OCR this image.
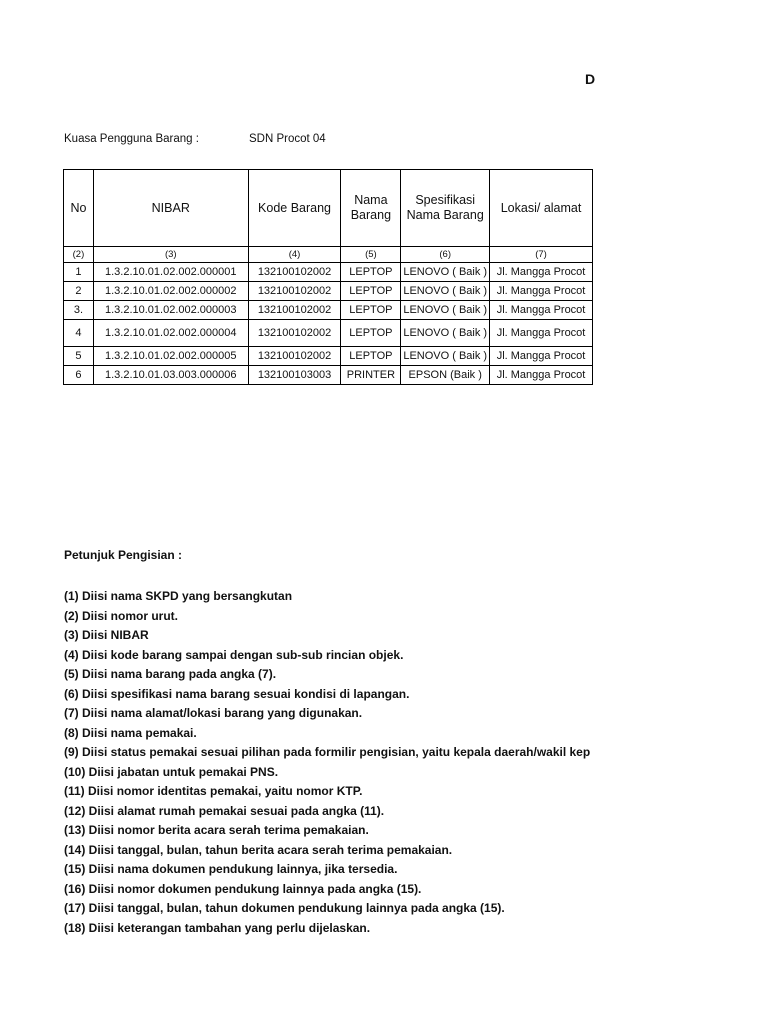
D
Kuasa Pengguna Barang :	SDN Procot 04
No	NIBAR	Kode Barang	Nama Barang	Spesifikasi Nama Barang	Lokasi/ alamat
(2)	(3)	(4)	(5)	(6)	(7)
1	1.3.2.10.01.02.002.000001	132100102002	LEPTOP	LENOVO ( Baik )	Jl. Mangga Procot
2	1.3.2.10.01.02.002.000002	132100102002	LEPTOP	LENOVO ( Baik )	Jl. Mangga Procot
3.	1.3.2.10.01.02.002.000003	132100102002	LEPTOP	LENOVO ( Baik )	Jl. Mangga Procot
4	1.3.2.10.01.02.002.000004	132100102002	LEPTOP	LENOVO ( Baik )	Jl. Mangga Procot
5	1.3.2.10.01.02.002.000005	132100102002	LEPTOP	LENOVO ( Baik )	Jl. Mangga Procot
6	1.3.2.10.01.03.003.000006	132100103003	PRINTER	EPSON (Baik )	Jl. Mangga Procot
Petunjuk Pengisian :
(1) Diisi nama SKPD yang bersangkutan
(2) Diisi nomor urut.
(3) Diisi NIBAR
(4) Diisi kode barang sampai dengan sub-sub rincian objek.
(5) Diisi nama barang pada angka (7).
(6) Diisi spesifikasi nama barang sesuai kondisi di lapangan.
(7) Diisi nama alamat/lokasi barang yang digunakan.
(8) Diisi nama pemakai.
(9) Diisi status pemakai sesuai pilihan pada formilir pengisian, yaitu kepala daerah/wakil kep
(10) Diisi jabatan untuk pemakai PNS.
(11) Diisi nomor identitas pemakai, yaitu nomor KTP.
(12) Diisi alamat rumah pemakai sesuai pada angka (11).
(13) Diisi nomor berita acara serah terima pemakaian.
(14) Diisi tanggal, bulan, tahun berita acara serah terima pemakaian.
(15) Diisi nama dokumen pendukung lainnya, jika tersedia.
(16) Diisi nomor dokumen pendukung lainnya pada angka (15).
(17) Diisi tanggal, bulan, tahun dokumen pendukung lainnya pada angka (15).
(18) Diisi keterangan tambahan yang perlu dijelaskan.
